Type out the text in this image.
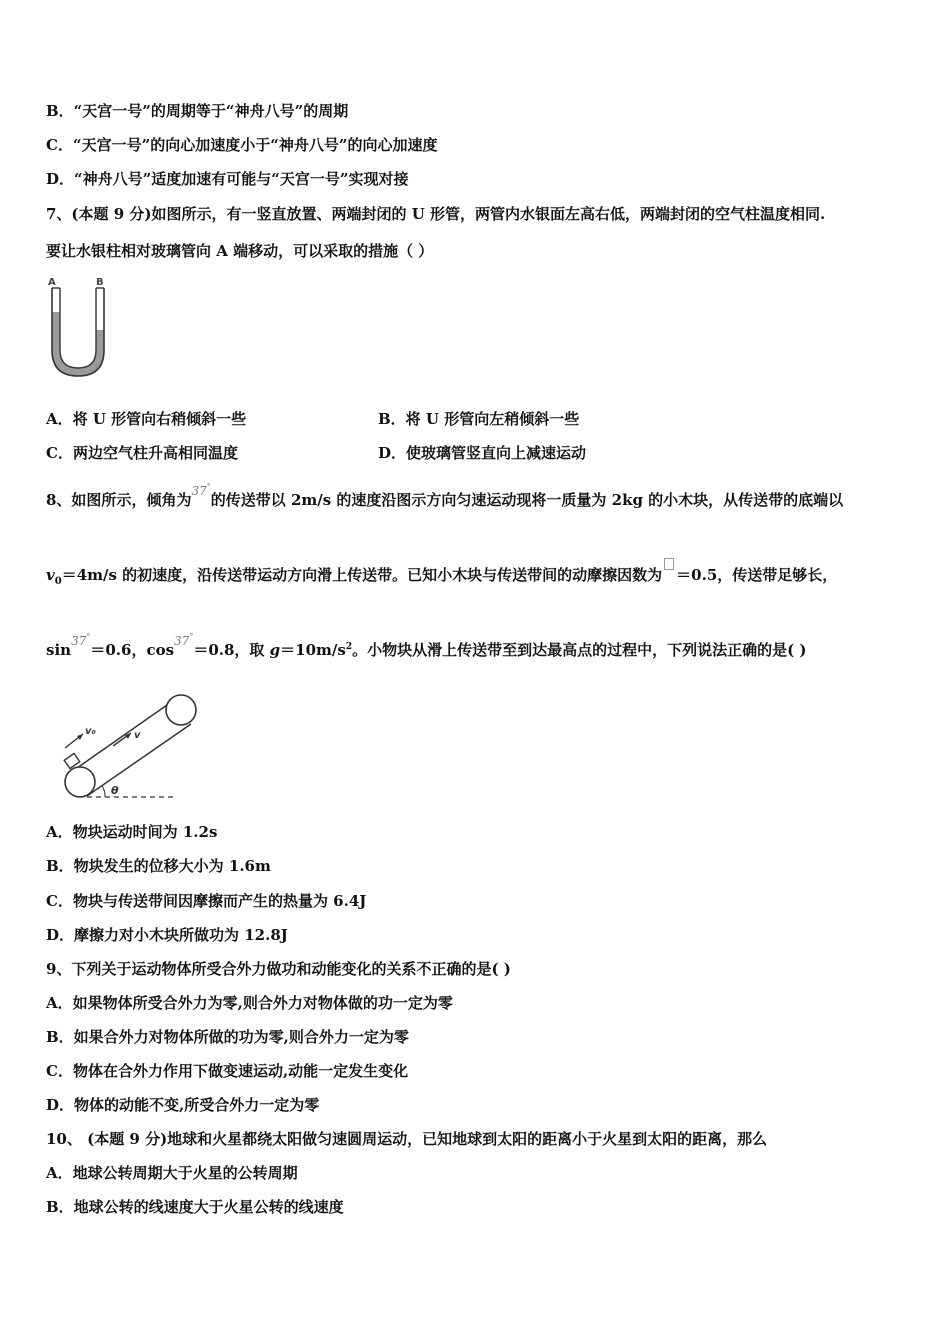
B．“天宫一号”的周期等于“神舟八号”的周期
C．“天宫一号”的向心加速度小于“神舟八号”的向心加速度
D．“神舟八号”适度加速有可能与“天宫一号”实现对接
7、(本题 9 分)如图所示，有一竖直放置、两端封闭的 U 形管，两管内水银面左高右低，两端封闭的空气柱温度相同.
要让水银柱相对玻璃管向 A 端移动，可以采取的措施（ ）
A	B
A．将 U 形管向右稍倾斜一些	B．将 U 形管向左稍倾斜一些
C．两边空气柱升高相同温度	D．使玻璃管竖直向上减速运动
8、如图所示，倾角为$^{37^\circ}$的传送带以 2m/s 的速度沿图示方向匀速运动现将一质量为 2kg 的小木块，从传送带的底端以
$v_0=4m/s$ 的初速度，沿传送带运动方向滑上传送带。已知小木块与传送带间的动摩擦因数为 ＝0.5，传送带足够长，
$\sin^{37^\circ}=0.6$，$\cos^{37^\circ}=0.8$，取 $g=10m/s^2$。小物块从滑上传送带至到达最高点的过程中，下列说法正确的是( )
v₀	v
θ
A．物块运动时间为 1.2s
B．物块发生的位移大小为 1.6m
C．物块与传送带间因摩擦而产生的热量为 6.4J
D．摩擦力对小木块所做功为 12.8J
9、下列关于运动物体所受合外力做功和动能变化的关系不正确的是( )
A．如果物体所受合外力为零,则合外力对物体做的功一定为零
B．如果合外力对物体所做的功为零,则合外力一定为零
C．物体在合外力作用下做变速运动,动能一定发生变化
D．物体的动能不变,所受合外力一定为零
10、 (本题 9 分)地球和火星都绕太阳做匀速圆周运动，已知地球到太阳的距离小于火星到太阳的距离，那么
A．地球公转周期大于火星的公转周期
B．地球公转的线速度大于火星公转的线速度
